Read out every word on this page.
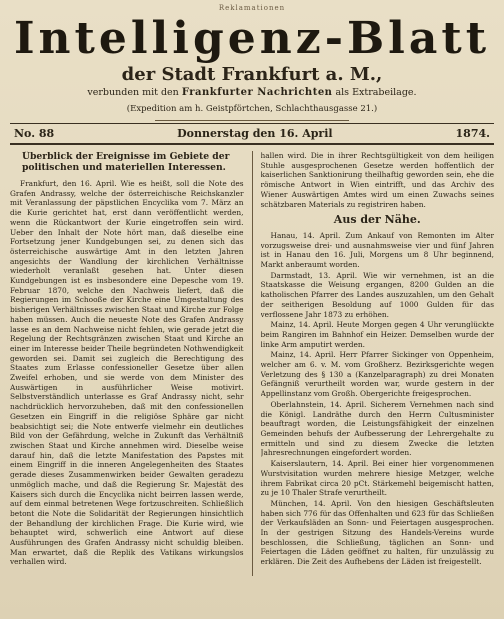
Reklamationen
Intelligenz-Blatt
der Stadt Frankfurt a. M.,
verbunden mit den Frankfurter Nachrichten als Extrabeilage.
(Expedition am h. Geistpförtchen, Schlachthausgasse 21.)
No. 88	Donnerstag den 16. April	1874.
Überblick der Ereignisse im Gebiete der politischen und materiellen Interessen.

Frankfurt, den 16. April. Wie es heißt, soll die Note des Grafen Andrassy, welche der österreichische Reichskanzler mit Veranlassung der päpstlichen Encyclika vom 7. März an die Kurie gerichtet hat, erst dann veröffentlicht werden, wenn die Rückantwort der Kurie eingetroffen sein wird. Ueber den Inhalt der Note hört man, daß dieselbe eine Fortsetzung jener Kundgebungen sei, zu denen sich das österreichische auswärtige Amt in den letzten Jahren angesichts der Wandlung der kirchlichen Verhältnisse wiederholt veranlaßt gesehen hat. Unter diesen Kundgebungen ist es insbesondere eine Depesche vom 19. Februar 1870, welche den Nachweis liefert, daß die Regierungen im Schooße der Kirche eine Umgestaltung des bisherigen Verhältnisses zwischen Staat und Kirche zur Folge haben müssen. Auch die neueste Note des Grafen Andrassy lasse es an dem Nachweise nicht fehlen, wie gerade jetzt die Regelung der Rechtsgränzen zwischen Staat und Kirche an einer im Interesse beider Theile begründeten Nothwendigkeit geworden sei. Damit sei zugleich die Berechtigung des Staates zum Erlasse confessioneller Gesetze über allen Zweifel erhoben, und sie werde von dem Minister des Auswärtigen in ausführlicher Weise motivirt. Selbstverständlich unterlasse es Graf Andrassy nicht, sehr nachdrücklich hervorzuheben, daß mit den confessionellen Gesetzen ein Eingriff in die religiöse Sphäre gar nicht beabsichtigt sei; die Note entwerfe vielmehr ein deutliches Bild von der Gefährdung, welche in Zukunft das Verhältniß zwischen Staat und Kirche annehmen wird. Dieselbe weise darauf hin, daß die letzte Manifestation des Papstes mit einem Eingriff in die inneren Angelegenheiten des Staates gerade dieses Zusammenwirken beider Gewalten geradezu unmöglich mache, und daß die Regierung Sr. Majestät des Kaisers sich durch die Encyclika nicht beirren lassen werde, auf dem einmal betretenen Wege fortzuschreiten. Schließlich betont die Note die Solidarität der Regierungen hinsichtlich der Behandlung der kirchlichen Frage. Die Kurie wird, wie behauptet wird, schwerlich eine Antwort auf diese Ausführungen des Grafen Andrassy nicht schuldig bleiben. Man erwartet, daß die Replik des Vatikans wirkungslos verhallen wird.

hallen wird. Die in ihrer Rechtsgültigkeit von dem heiligen Stuhle ausgesprochenen Gesetze werden hoffentlich der kaiserlichen Sanktionirung theilhaftig geworden sein, ehe die römische Antwort in Wien eintrifft, und das Archiv des Wiener Auswärtigen Amtes wird um einen Zuwachs seines schätzbaren Materials zu registriren haben.

Aus der Nähe.

Hanau, 14. April. Zum Ankauf von Remonten im Alter vorzugsweise drei- und ausnahmsweise vier und fünf Jahren ist in Hanau den 16. Juli, Morgens um 8 Uhr beginnend, Markt anberaumt worden.

Darmstadt, 13. April. Wie wir vernehmen, ist an die Staatskasse die Weisung ergangen, 8200 Gulden an die katholischen Pfarrer des Landes auszuzahlen, um den Gehalt der seitherigen Besoldung auf 1000 Gulden für das verflossene Jahr 1873 zu erhöhen.

Mainz, 14. April. Heute Morgen gegen 4 Uhr verunglückte beim Rangiren im Bahnhof ein Heizer. Demselben wurde der linke Arm amputirt werden.

Mainz, 14. April. Herr Pfarrer Sickinger von Oppenheim, welcher am 6. v. M. vom Großherz. Bezirksgerichte wegen Verletzung des § 130 a (Kanzelparagraph) zu drei Monaten Gefängniß verurtheilt worden war, wurde gestern in der Appellinstanz vom Großh. Obergerichte freigesprochen.

Oberlahnstein, 14. April. Sicherem Vernehmen nach sind die Königl. Landräthe durch den Herrn Cultusminister beauftragt worden, die Leistungsfähigkeit der einzelnen Gemeinden behufs der Aufbesserung der Lehrergehalte zu ermitteln und sind zu diesem Zwecke die letzten Jahresrechnungen eingefordert worden.

Kaiserslautern, 14. April. Bei einer hier vorgenommenen Wurstvisitation wurden mehrere hiesige Metzger, welche ihrem Fabrikat circa 20 pCt. Stärkemehl beigemischt hatten, zu je 10 Thaler Strafe verurtheilt.

München, 14. April. Von den hiesigen Geschäftsleuten haben sich 776 für das Offenhalten und 623 für das Schließen der Verkaufsläden an Sonn- und Feiertagen ausgesprochen. In der gestrigen Sitzung des Handels-Vereins wurde beschlossen, die Schließung, täglichen an Sonn- und Feiertagen die Läden geöffnet zu halten, für unzulässig zu erklären. Die Zeit des Aufhebens der Läden ist freigestellt.
